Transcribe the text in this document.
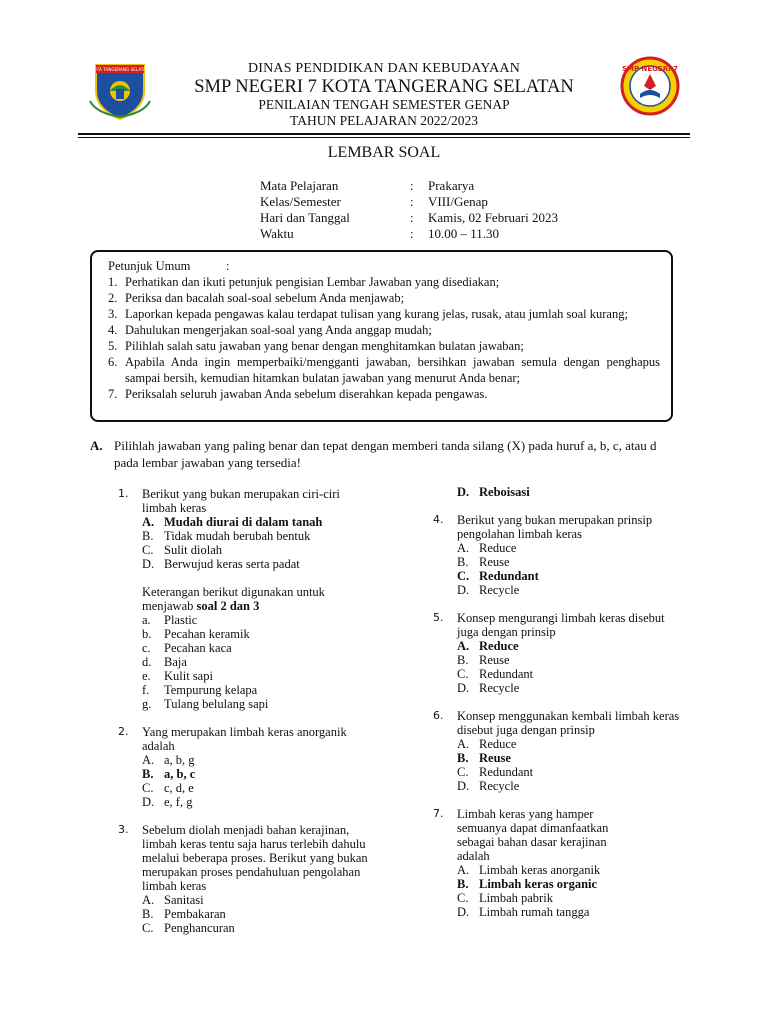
KOTA TANGERANG SELATAN	SMP NEGERI 7
DINAS PENDIDIKAN DAN KEBUDAYAAN
SMP NEGERI 7 KOTA TANGERANG SELATAN
PENILAIAN TENGAH SEMESTER GENAP
TAHUN PELAJARAN 2022/2023
LEMBAR SOAL
Mata Pelajaran	:	Prakarya
Kelas/Semester	:	VIII/Genap
Hari dan Tanggal	:	Kamis, 02 Februari 2023
Waktu	:	10.00 – 11.30
Petunjuk Umum	:
1. Perhatikan dan ikuti petunjuk pengisian Lembar Jawaban yang disediakan;
2. Periksa dan bacalah soal-soal sebelum Anda menjawab;
3. Laporkan kepada pengawas kalau terdapat tulisan yang kurang jelas, rusak, atau jumlah soal kurang;
4. Dahulukan mengerjakan soal-soal yang Anda anggap mudah;
5. Pilihlah salah satu jawaban yang benar dengan menghitamkan bulatan jawaban;
6. Apabila Anda ingin memperbaiki/mengganti jawaban, bersihkan jawaban semula dengan penghapus sampai bersih, kemudian hitamkan bulatan jawaban yang menurut Anda benar;
7. Periksalah seluruh jawaban Anda sebelum diserahkan kepada pengawas.
A. Pilihlah jawaban yang paling benar dan tepat dengan memberi tanda silang (X) pada huruf a, b, c, atau d pada lembar jawaban yang tersedia!
1.	Berikut yang bukan merupakan ciri-ciri limbah keras
A. Mudah diurai di dalam tanah
B. Tidak mudah berubah bentuk
C. Sulit diolah
D. Berwujud keras serta padat
Keterangan berikut digunakan untuk menjawab soal 2 dan 3
a.	Plastic
b.	Pecahan keramik
c.	Pecahan kaca
d.	Baja
e.	Kulit sapi
f.	Tempurung kelapa
g.	Tulang belulang sapi
2.	Yang merupakan limbah keras anorganik adalah
A. a, b, g
B. a, b, c
C. c, d, e
D. e, f, g
3.	Sebelum diolah menjadi bahan kerajinan, limbah keras tentu saja harus terlebih dahulu melalui beberapa proses. Berikut yang bukan merupakan proses pendahuluan pengolahan limbah keras
A. Sanitasi
B. Pembakaran
C. Penghancuran
D. Reboisasi
4.	Berikut yang bukan merupakan prinsip pengolahan limbah keras
A. Reduce
B. Reuse
C. Redundant
D. Recycle
5.	Konsep mengurangi limbah keras disebut juga dengan prinsip
A. Reduce
B. Reuse
C. Redundant
D. Recycle
6.	Konsep menggunakan kembali limbah keras disebut juga dengan prinsip
A. Reduce
B. Reuse
C. Redundant
D. Recycle
7.	Limbah keras yang hamper semuanya dapat dimanfaatkan sebagai bahan dasar kerajinan adalah
A. Limbah keras anorganik
B. Limbah keras organic
C. Limbah pabrik
D. Limbah rumah tangga
